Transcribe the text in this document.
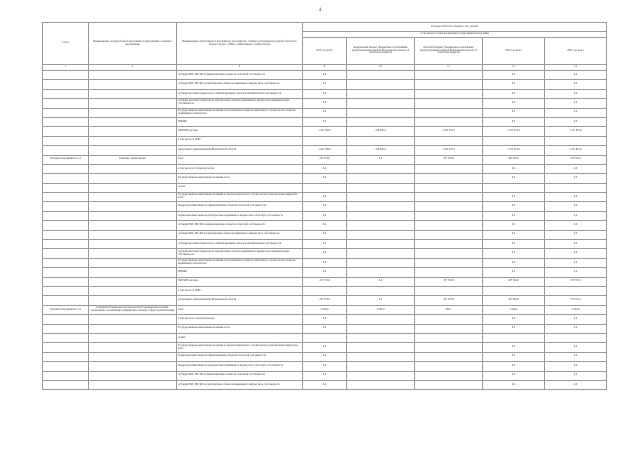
4
Статус	Наименование государственной программы, подпрограммы, основного мероприятия	Наименование ответственного исполнителя, исполнителя - главного распорядителя средств областного бюджета (далее - ГРБС), наименование статей расходов	Расходы областного бюджета, тыс. рублей				
			в том числе по годам реализации государственной программы				
			2019 год, всего	федеральный бюджет (бюджетные ассигнования, предусмотренные законом Воронежской области об областном бюджете)	областной бюджет (бюджетные ассигнования, предусмотренные законом Воронежской области об областном бюджете)	2020 год, всего	2021 год, всего
1	2	3	9	10	11	12	13
		субсидии ЮЛ, ИП, ФЛ на финансирование объектов областной собственности	0,0			0,0	0,0
		субсидии ЮЛ, ИП, ФЛ на приобретение объектов недвижимого имущества в собственность	0,0			0,0	0,0
		субсидии местным бюджетам на софинансирование объектов муниципальной собственности	0,0			0,0	0,0
		субсидии местным бюджетам на приобретение объектов недвижимого имущества в муниципальную собственность	0,0			0,0	0,0
		Государственные капитальные вложения (за исключением объектов капитального строительства объектов недвижимого имущества)	0,0			0,0	0,0
		НИОКР	0,0			0,0	0,0
		ПРОЧИЕ расходы	1 441 308,6	238 329,4	1 202 979,2	1 015 374,8	1 471 801,9
		в том числе по ГРБС:					
		департамент здравоохранения Воронежской области	1 441 308,6	238 329,4	1 202 979,2	1 015 374,8	1 471 801,9
Основное мероприятие 2.11	Развитие службы крови	всего	237 333,8	0,0	237 333,8	267 904,0	278 716,3
		в том числе по статьям расходов:	0,0			0,0	0,0
		Государственные капитальные вложения, всего	0,0			0,0	0,0
		из них:					
		Государственные капитальные вложения в объекты капитального строительства и приобретение имущества, всего	0,0			0,0	0,0
		бюджетные инвестиции на финансирование объектов областной собственности	0,0			0,0	0,0
		бюджетные инвестиции на приобретение недвижимого имущества в областную собственность	0,0			0,0	0,0
		субсидии ЮЛ, ИП, ФЛ на финансирование объектов областной собственности	0,0			0,0	0,0
		субсидии ЮЛ, ИП, ФЛ на приобретение объектов недвижимого имущества в собственность	0,0			0,0	0,0
		субсидии местным бюджетам на софинансирование объектов муниципальной собственности	0,0			0,0	0,0
		субсидии местным бюджетам на приобретение объектов недвижимого имущества в муниципальную собственность	0,0			0,0	0,0
		Государственные капитальные вложения (за исключением объектов капитального строительства объектов недвижимого имущества)	0,0			0,0	0,0
		НИОКР	0,0			0,0	0,0
		ПРОЧИЕ расходы	237 333,8	0,0	237 333,8	267 904,0	278 716,3
		в том числе по ГРБС:					
		департамент здравоохранения Воронежской области	237 333,8	0,0	237 333,8	267 904,0	278 716,3
Основное мероприятие 2.12	Совершенствование высокотехнологичной медицинской помощи, организаций, оказывающих медицинскую помощь в сфере трансплантации	всего	2 244,6	1 987,9	256,7	2 244,6	2 244,6
		в том числе по статьям расходов:	0,0			0,0	0,0
		Государственные капитальные вложения, всего	0,0			0,0	0,0
		из них:					
		Государственные капитальные вложения в объекты капитального строительства и приобретение имущества, всего	0,0			0,0	0,0
		бюджетные инвестиции на финансирование объектов областной собственности	0,0			0,0	0,0
		бюджетные инвестиции на приобретение недвижимого имущества в областную собственность	0,0			0,0	0,0
		субсидии ЮЛ, ИП, ФЛ на финансирование объектов областной собственности	0,0			0,0	0,0
		субсидии ЮЛ, ИП, ФЛ на приобретение объектов недвижимого имущества в собственность	0,0			0,0	0,0
